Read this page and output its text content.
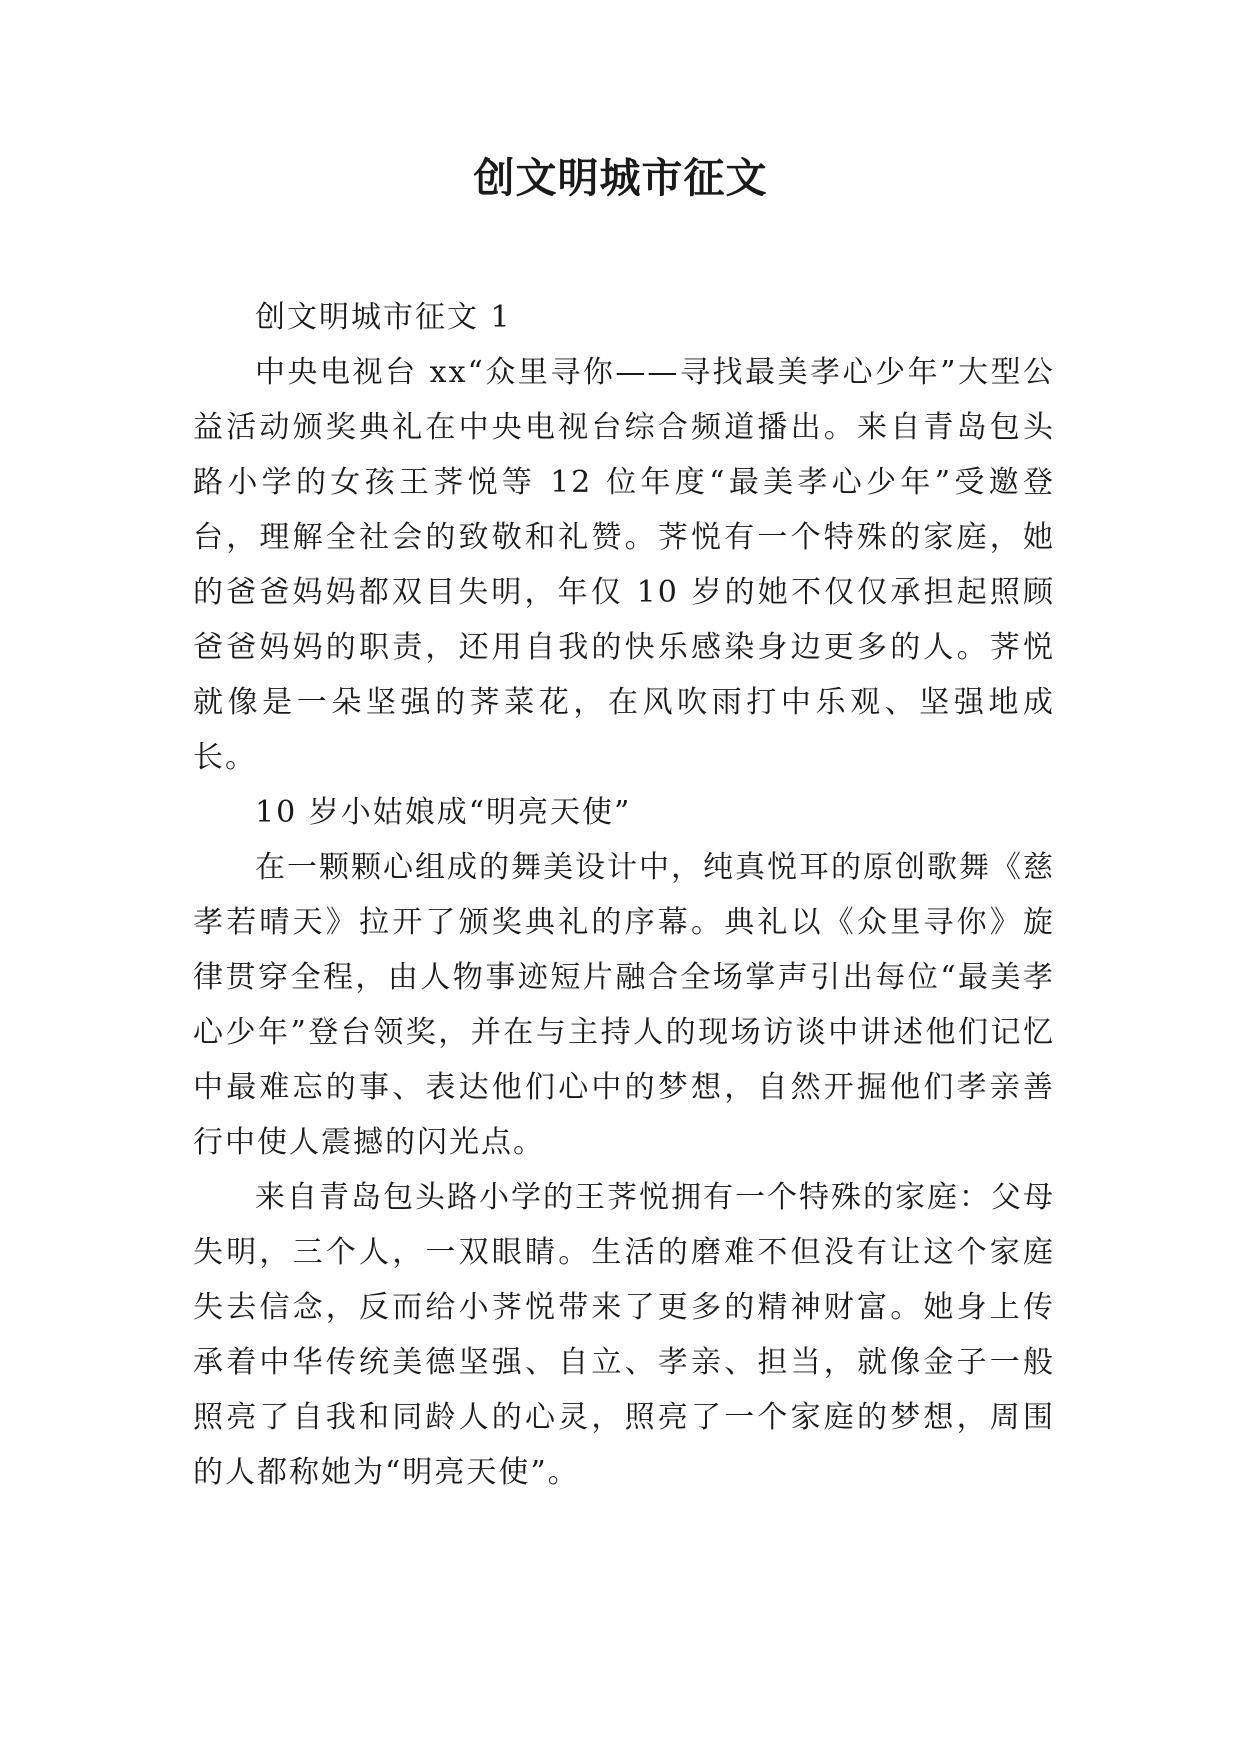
创文明城市征文

创文明城市征文 1

中央电视台 xx“众里寻你——寻找最美孝心少年”大型公益活动颁奖典礼在中央电视台综合频道播出。来自青岛包头路小学的女孩王荠悦等 12 位年度“最美孝心少年”受邀登台，理解全社会的致敬和礼赞。荠悦有一个特殊的家庭，她的爸爸妈妈都双目失明，年仅 10 岁的她不仅仅承担起照顾爸爸妈妈的职责，还用自我的快乐感染身边更多的人。荠悦就像是一朵坚强的荠菜花，在风吹雨打中乐观、坚强地成长。

10 岁小姑娘成“明亮天使”

在一颗颗心组成的舞美设计中，纯真悦耳的原创歌舞《慈孝若晴天》拉开了颁奖典礼的序幕。典礼以《众里寻你》旋律贯穿全程，由人物事迹短片融合全场掌声引出每位“最美孝心少年”登台领奖，并在与主持人的现场访谈中讲述他们记忆中最难忘的事、表达他们心中的梦想，自然开掘他们孝亲善行中使人震撼的闪光点。

来自青岛包头路小学的王荠悦拥有一个特殊的家庭：父母失明，三个人，一双眼睛。生活的磨难不但没有让这个家庭失去信念，反而给小荠悦带来了更多的精神财富。她身上传承着中华传统美德坚强、自立、孝亲、担当，就像金子一般照亮了自我和同龄人的心灵，照亮了一个家庭的梦想，周围的人都称她为“明亮天使”。
